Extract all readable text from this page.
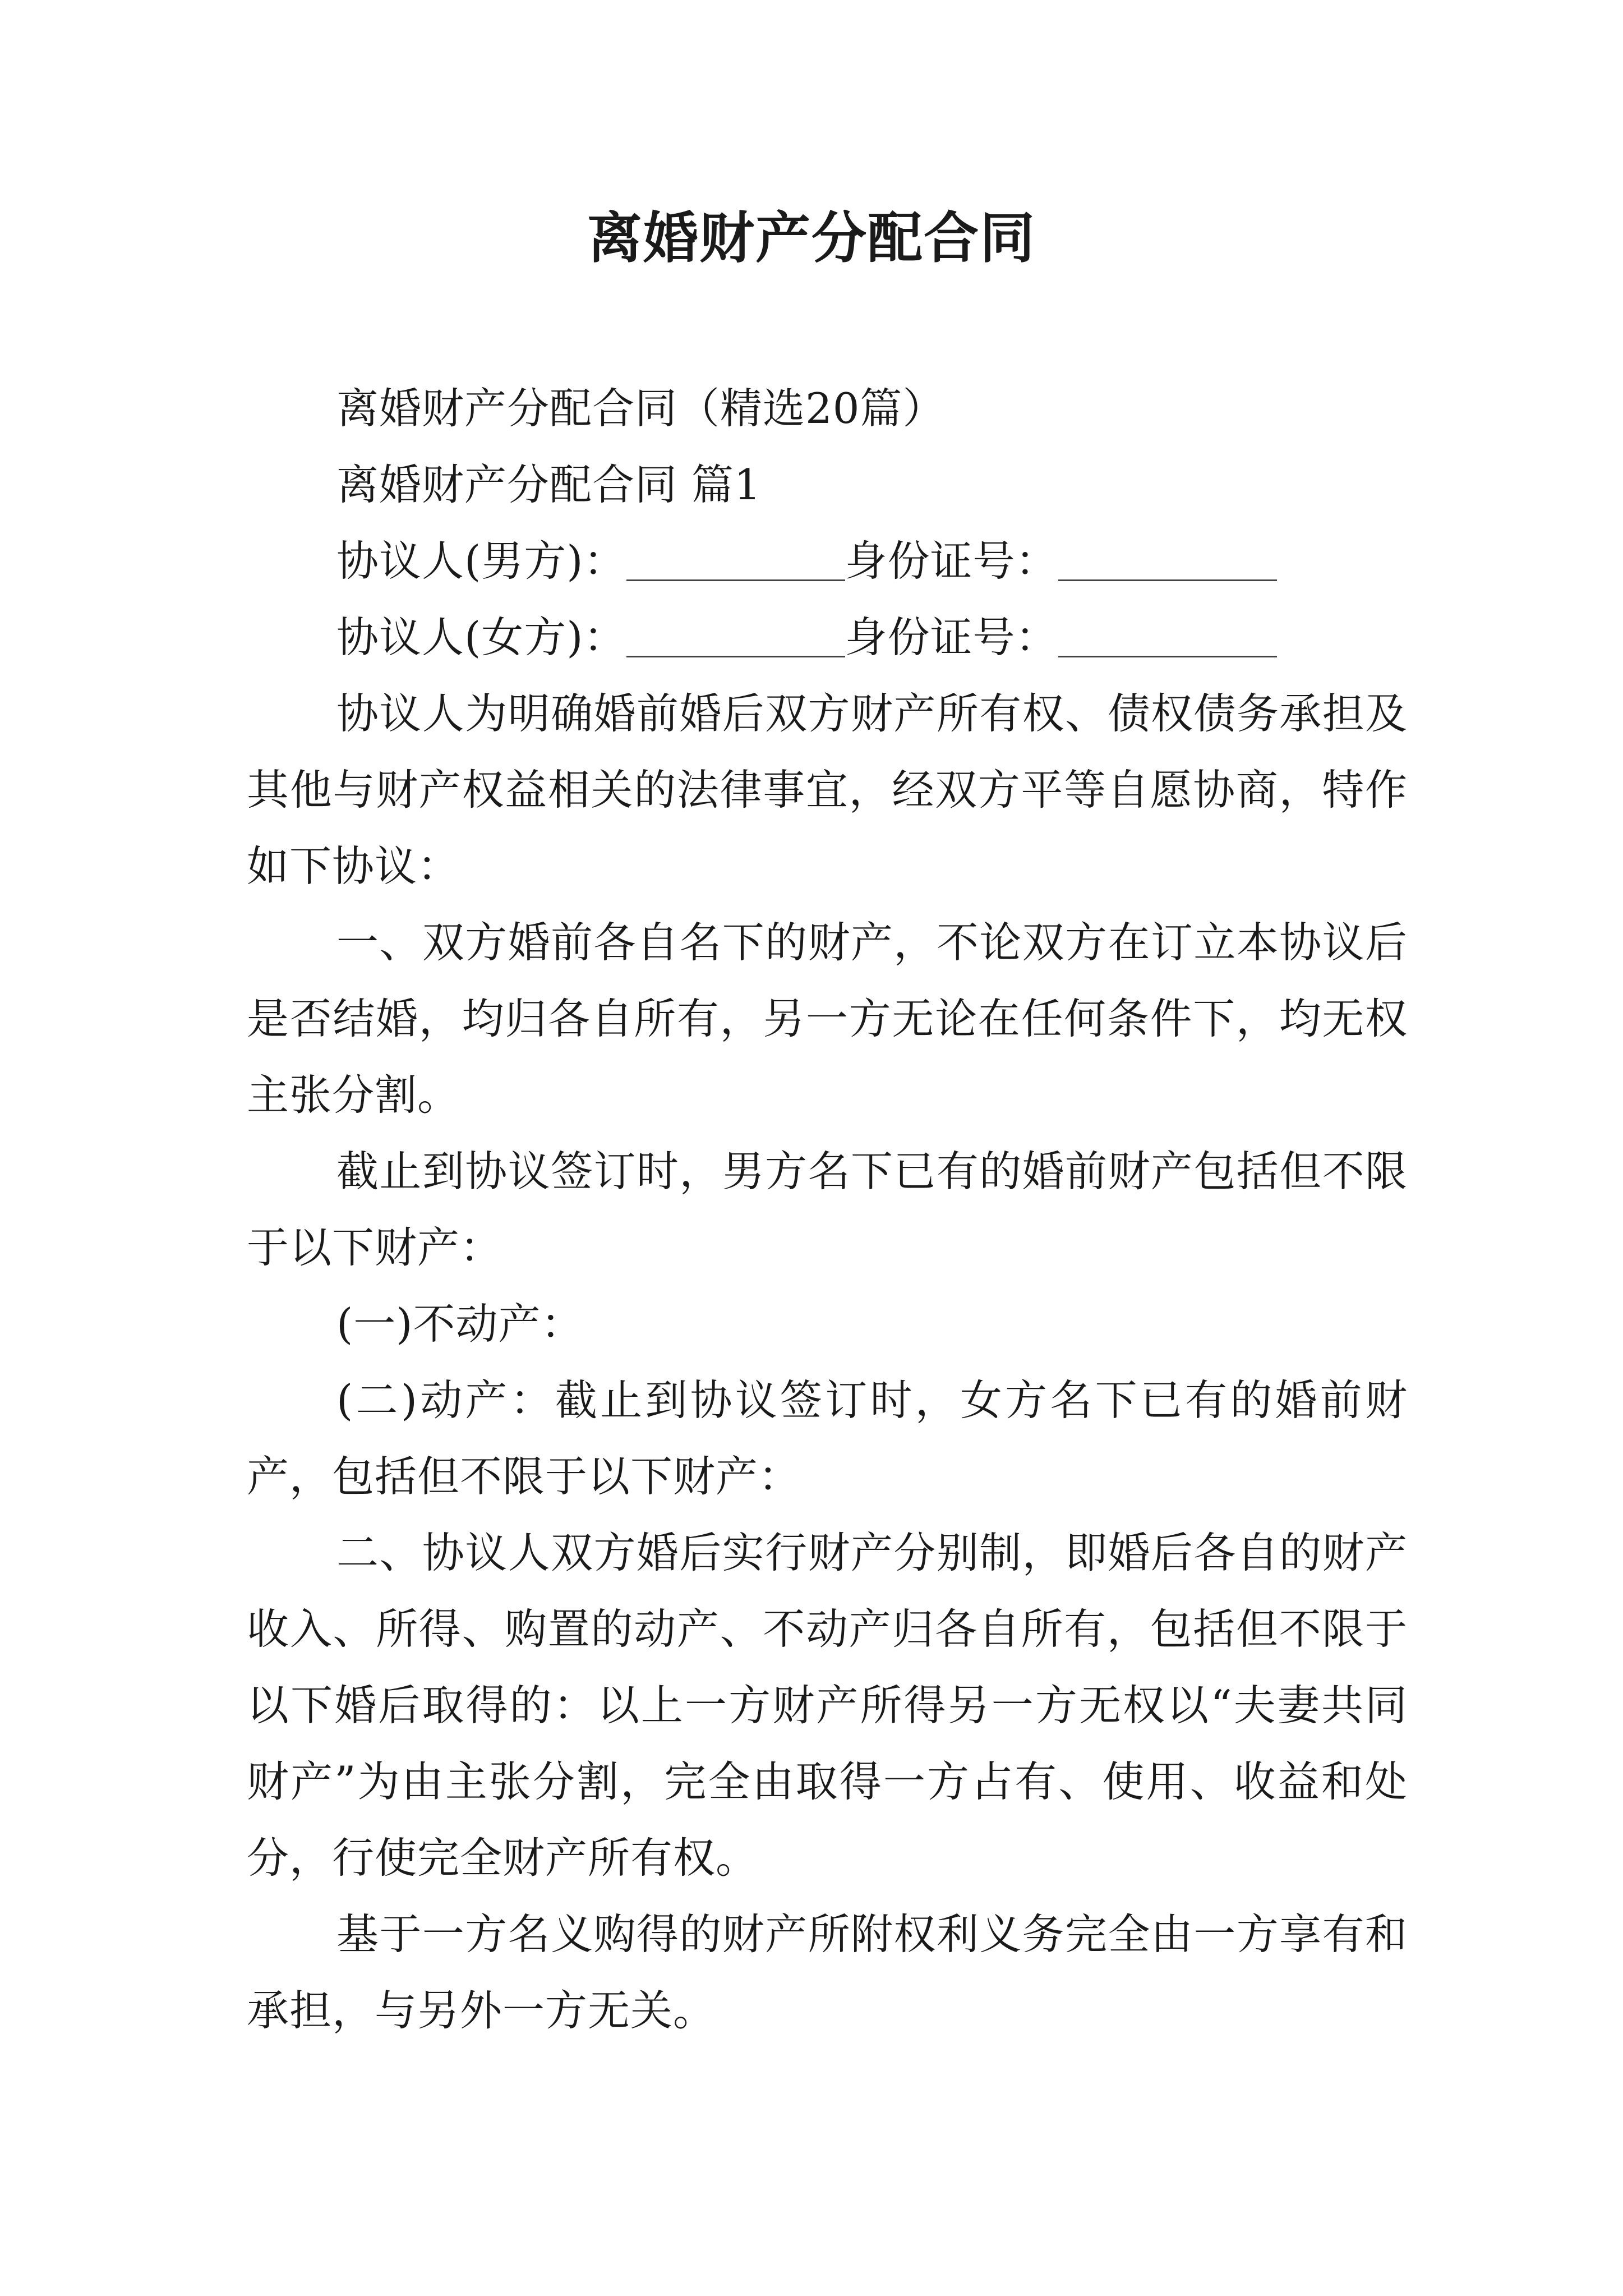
离婚财产分配合同

离婚财产分配合同（精选20篇）

离婚财产分配合同 篇1

协议人(男方)：	身份证号：

协议人(女方)：	身份证号：

协议人为明确婚前婚后双方财产所有权、债权债务承担及其他与财产权益相关的法律事宜，经双方平等自愿协商，特作如下协议：

一、双方婚前各自名下的财产，不论双方在订立本协议后是否结婚，均归各自所有，另一方无论在任何条件下，均无权主张分割。

截止到协议签订时，男方名下已有的婚前财产包括但不限于以下财产：

(一)不动产：

(二)动产：截止到协议签订时，女方名下已有的婚前财产，包括但不限于以下财产：

二、协议人双方婚后实行财产分别制，即婚后各自的财产收入、所得、购置的动产、不动产归各自所有，包括但不限于以下婚后取得的：以上一方财产所得另一方无权以“夫妻共同财产”为由主张分割，完全由取得一方占有、使用、收益和处分，行使完全财产所有权。

基于一方名义购得的财产所附权利义务完全由一方享有和承担，与另外一方无关。
